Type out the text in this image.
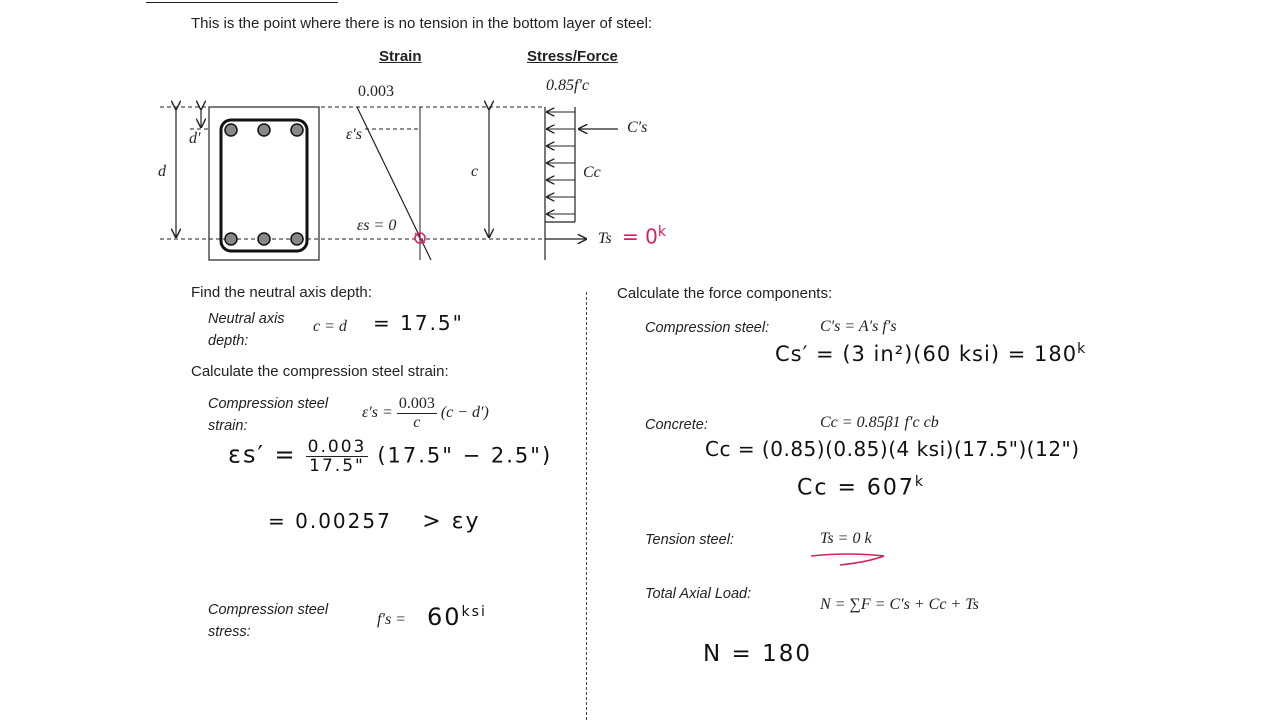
This is the point where there is no tension in the bottom layer of steel:
Strain	Stress/Force
0.003	0.85f′c
d
d′	ε′s
εs = 0
c
C′s
Cc
$Ts = 0^k$
Find the neutral axis depth:
Neutral axis depth:
c = d = 17.5"
Calculate the compression steel strain:
Compression steel strain:
$\varepsilon's = \frac{0.003}{c} (c - d')$
$\varepsilon s' = \frac{0.003}{17.5"} (17.5$" − 2.5")
= 0.00257 > εy
Compression steel stress:
$f's = 60^{ksi}$
Calculate the force components:
Compression steel:	C′s = A′s f′s
Cs′ = (3 in²)(60 $ksi) = 180^k$
Concrete:	Cc = 0.85β1 f′c cb
Cc = (0.85)(0.85)(4 ksi)(17.5")(12")
$Cc = 607^k$
Tension steel:	Ts = 0 k
Total Axial Load:
N = ∑F = C′s + Cc + Ts
N = 180
